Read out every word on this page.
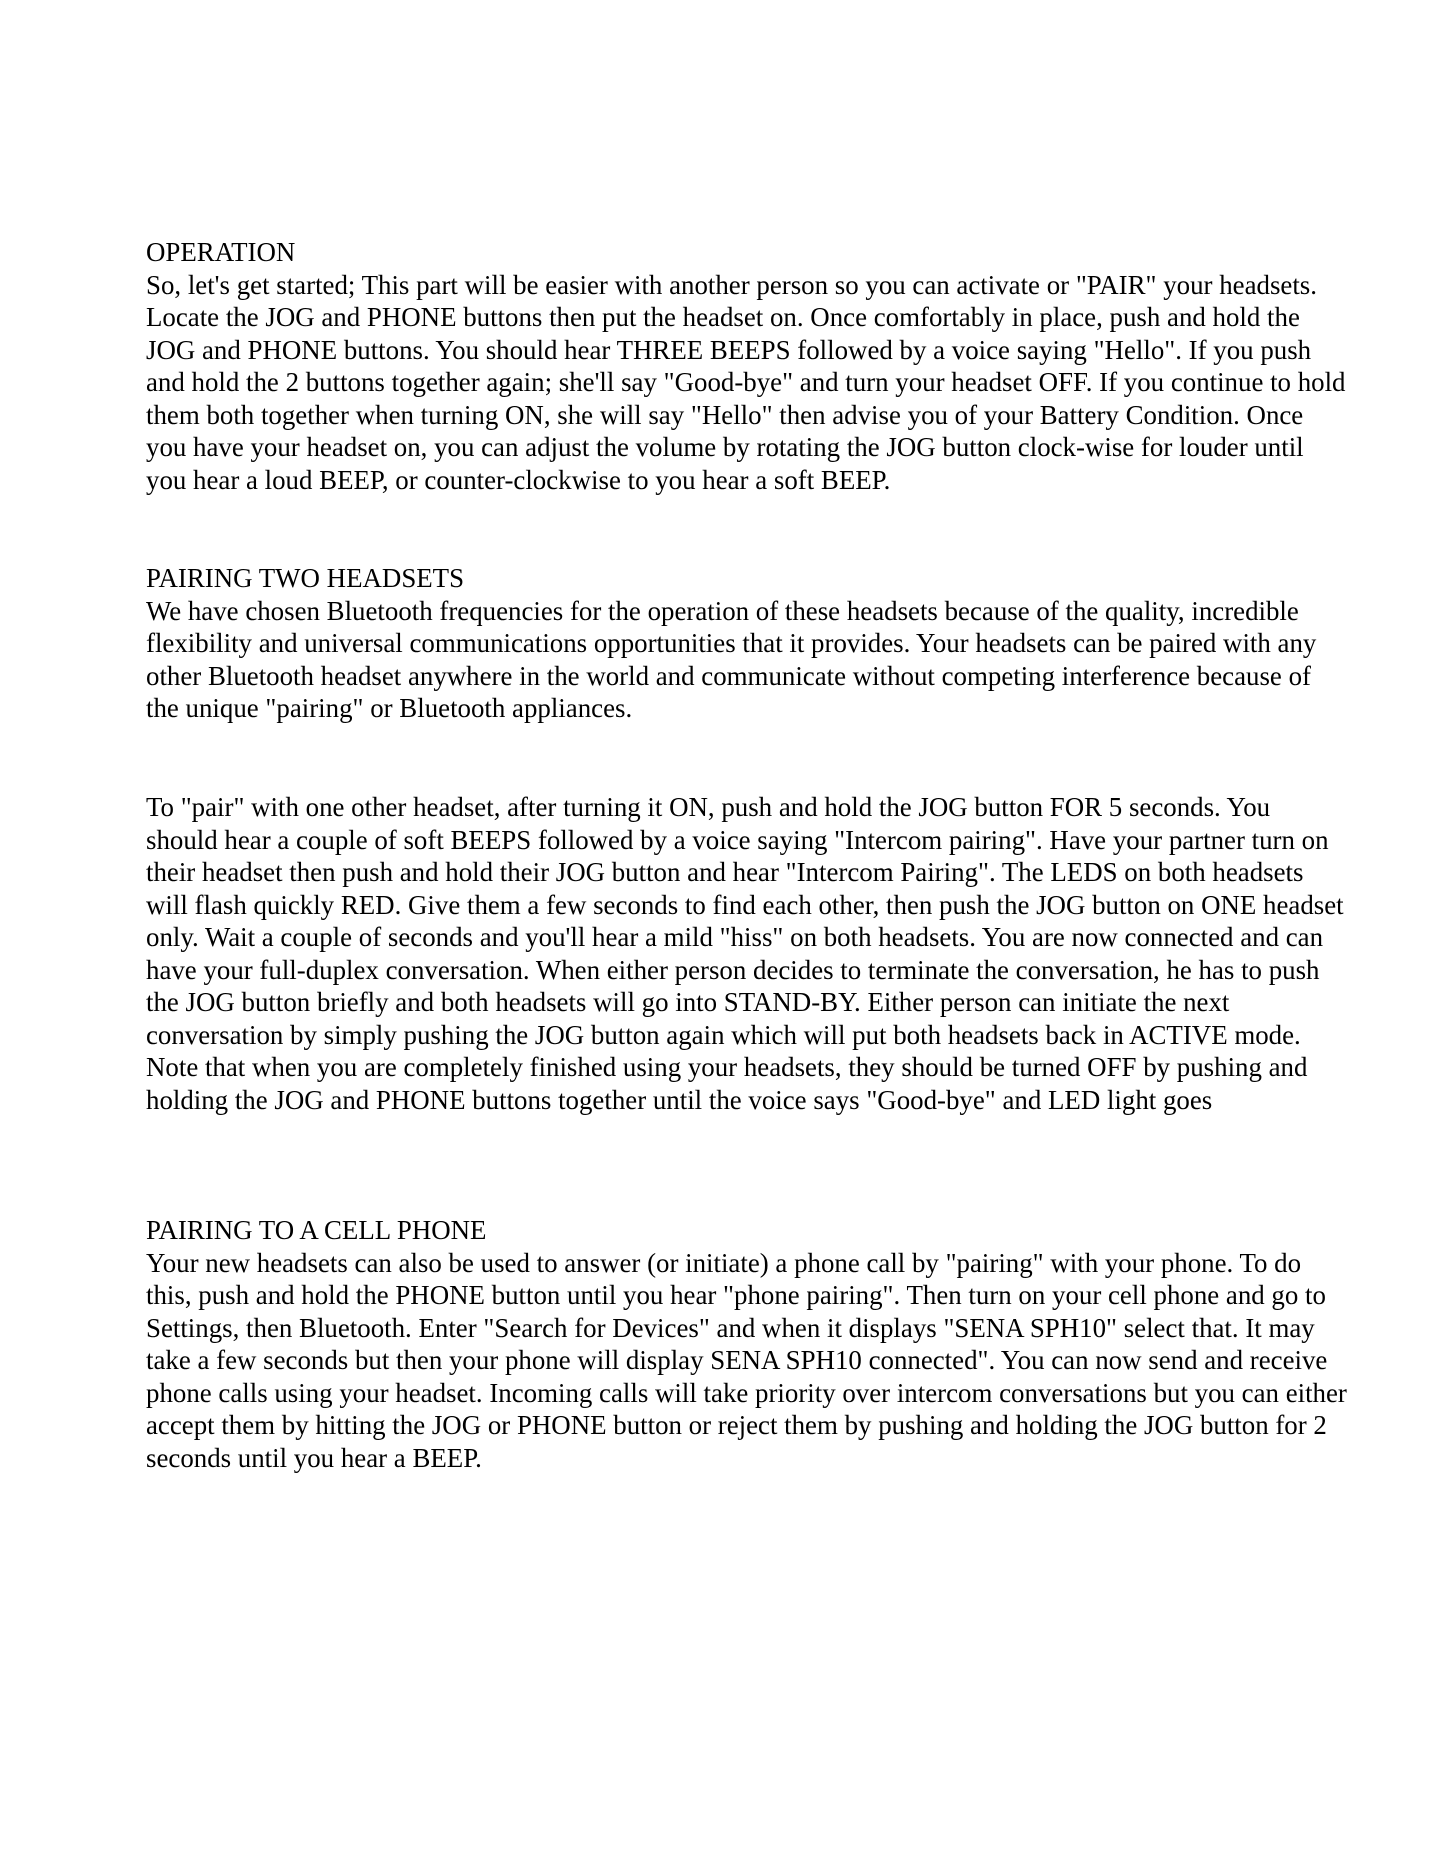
OPERATION
So, let's get started; This part will be easier with another person so you can activate or "PAIR" your headsets.
Locate the JOG and PHONE buttons then put the headset on. Once comfortably in place, push and hold the
JOG and PHONE buttons. You should hear THREE BEEPS followed by a voice saying "Hello". If you push
and hold the 2 buttons together again; she'll say "Good-bye" and turn your headset OFF. If you continue to hold
them both together when turning ON, she will say "Hello" then advise you of your Battery Condition. Once
you have your headset on, you can adjust the volume by rotating the JOG button clock-wise for louder until
you hear a loud BEEP, or counter-clockwise to you hear a soft BEEP.
PAIRING TWO HEADSETS
We have chosen Bluetooth frequencies for the operation of these headsets because of the quality, incredible
flexibility and universal communications opportunities that it provides. Your headsets can be paired with any
other Bluetooth headset anywhere in the world and communicate without competing interference because of
the unique "pairing" or Bluetooth appliances.
To "pair" with one other headset, after turning it ON, push and hold the JOG button FOR 5 seconds. You
should hear a couple of soft BEEPS followed by a voice saying "Intercom pairing". Have your partner turn on
their headset then push and hold their JOG button and hear "Intercom Pairing". The LEDS on both headsets
will flash quickly RED. Give them a few seconds to find each other, then push the JOG button on ONE headset
only. Wait a couple of seconds and you'll hear a mild "hiss" on both headsets. You are now connected and can
have your full-duplex conversation. When either person decides to terminate the conversation, he has to push
the JOG button briefly and both headsets will go into STAND-BY. Either person can initiate the next
conversation by simply pushing the JOG button again which will put both headsets back in ACTIVE mode.
Note that when you are completely finished using your headsets, they should be turned OFF by pushing and
holding the JOG and PHONE buttons together until the voice says "Good-bye" and LED light goes
PAIRING TO A CELL PHONE
Your new headsets can also be used to answer (or initiate) a phone call by "pairing" with your phone. To do
this, push and hold the PHONE button until you hear "phone pairing". Then turn on your cell phone and go to
Settings, then Bluetooth. Enter "Search for Devices" and when it displays "SENA SPH10" select that. It may
take a few seconds but then your phone will display SENA SPH10 connected". You can now send and receive
phone calls using your headset. Incoming calls will take priority over intercom conversations but you can either
accept them by hitting the JOG or PHONE button or reject them by pushing and holding the JOG button for 2
seconds until you hear a BEEP.
